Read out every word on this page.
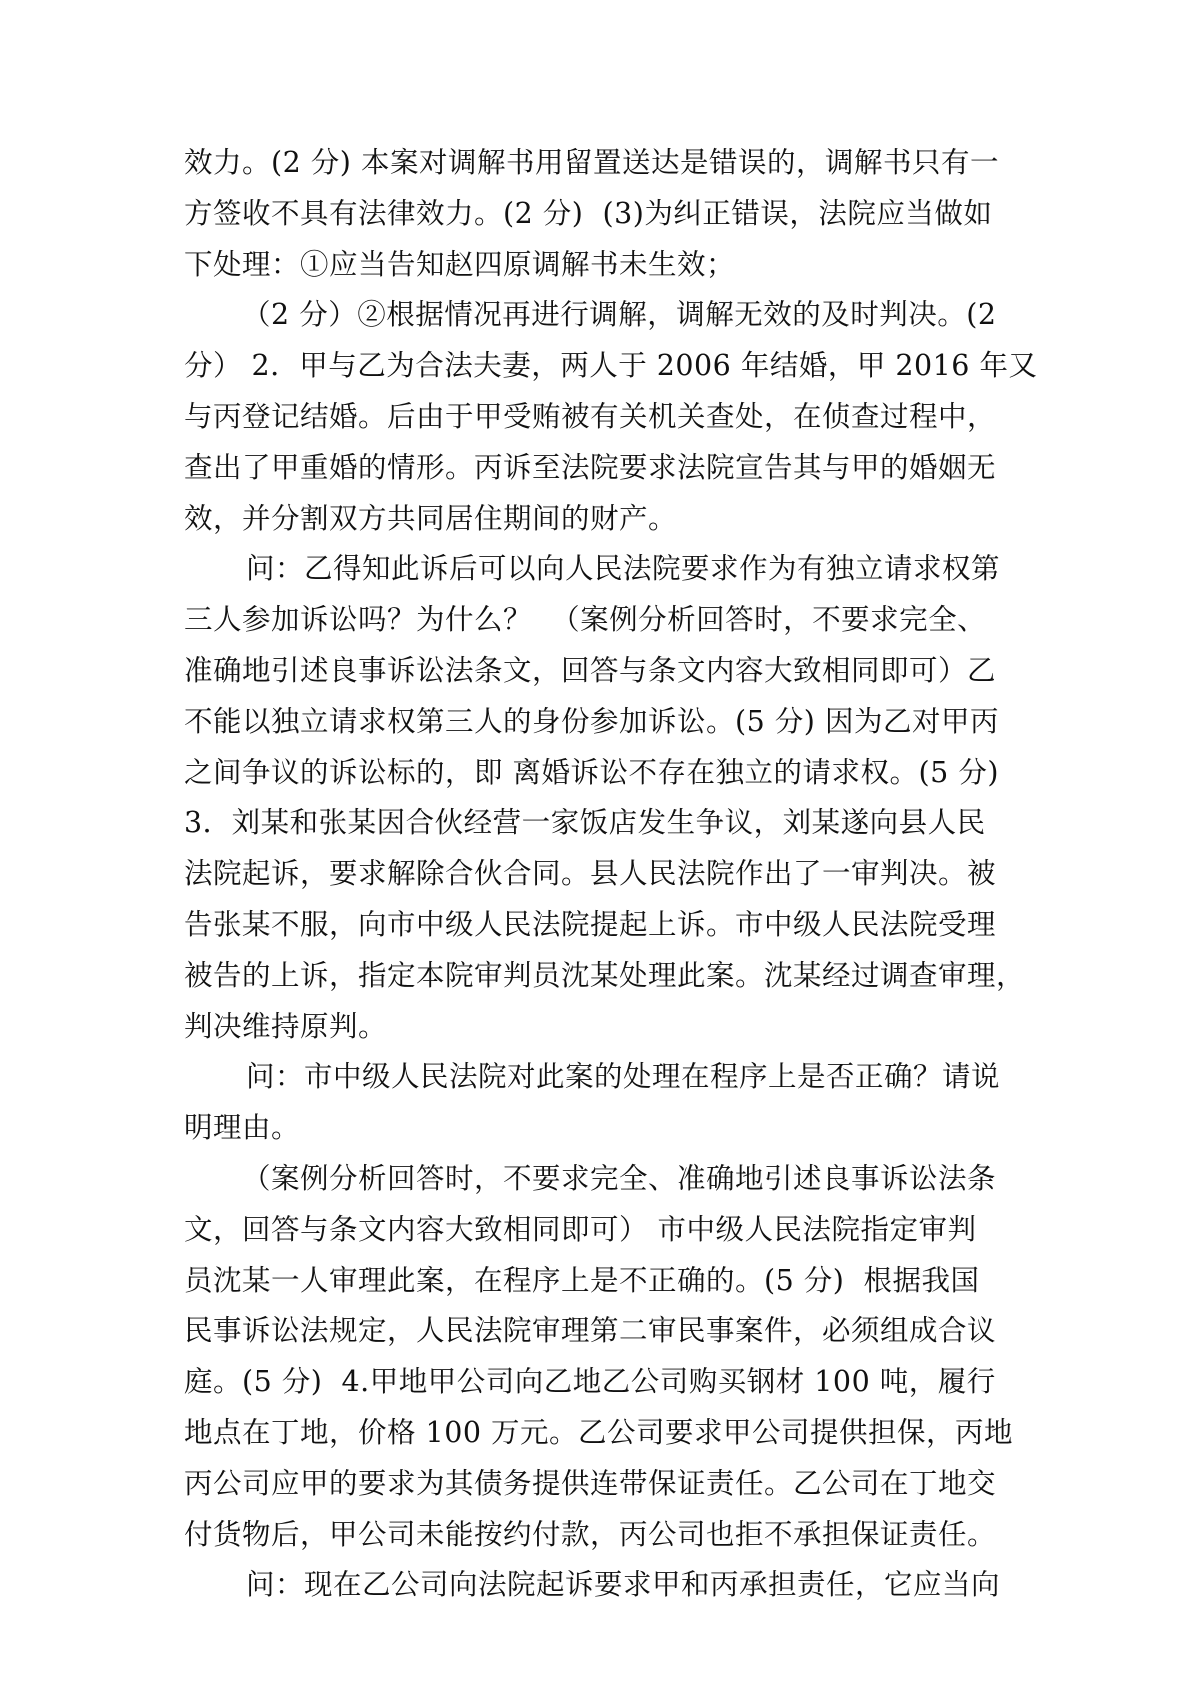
效力。(2 分) 本案对调解书用留置送达是错误的，调解书只有一
方签收不具有法律效力。(2 分)  (3)为纠正错误，法院应当做如
下处理：①应当告知赵四原调解书未生效；
（2 分）②根据情况再进行调解，调解无效的及时判决。(2
分） 2．甲与乙为合法夫妻，两人于 2006 年结婚，甲 2016 年又
与丙登记结婚。后由于甲受贿被有关机关查处，在侦查过程中，
查出了甲重婚的情形。丙诉至法院要求法院宣告其与甲的婚姻无
效，并分割双方共同居住期间的财产。
问：乙得知此诉后可以向人民法院要求作为有独立请求权第
三人参加诉讼吗？为什么？  （案例分析回答时，不要求完全、
准确地引述良事诉讼法条文，回答与条文内容大致相同即可）乙
不能以独立请求权第三人的身份参加诉讼。(5 分) 因为乙对甲丙
之间争议的诉讼标的，即 离婚诉讼不存在独立的请求权。(5 分)
3．刘某和张某因合伙经营一家饭店发生争议，刘某遂向县人民
法院起诉，要求解除合伙合同。县人民法院作出了一审判决。被
告张某不服，向市中级人民法院提起上诉。市中级人民法院受理
被告的上诉，指定本院审判员沈某处理此案。沈某经过调查审理，
判决维持原判。
问：市中级人民法院对此案的处理在程序上是否正确？请说
明理由。
（案例分析回答时，不要求完全、准确地引述良事诉讼法条
文，回答与条文内容大致相同即可） 市中级人民法院指定审判
员沈某一人审理此案，在程序上是不正确的。(5 分)  根据我国
民事诉讼法规定，人民法院审理第二审民事案件，必须组成合议
庭。(5 分)  4.甲地甲公司向乙地乙公司购买钢材 100 吨，履行
地点在丁地，价格 100 万元。乙公司要求甲公司提供担保，丙地
丙公司应甲的要求为其债务提供连带保证责任。乙公司在丁地交
付货物后，甲公司未能按约付款，丙公司也拒不承担保证责任。
问：现在乙公司向法院起诉要求甲和丙承担责任，它应当向
